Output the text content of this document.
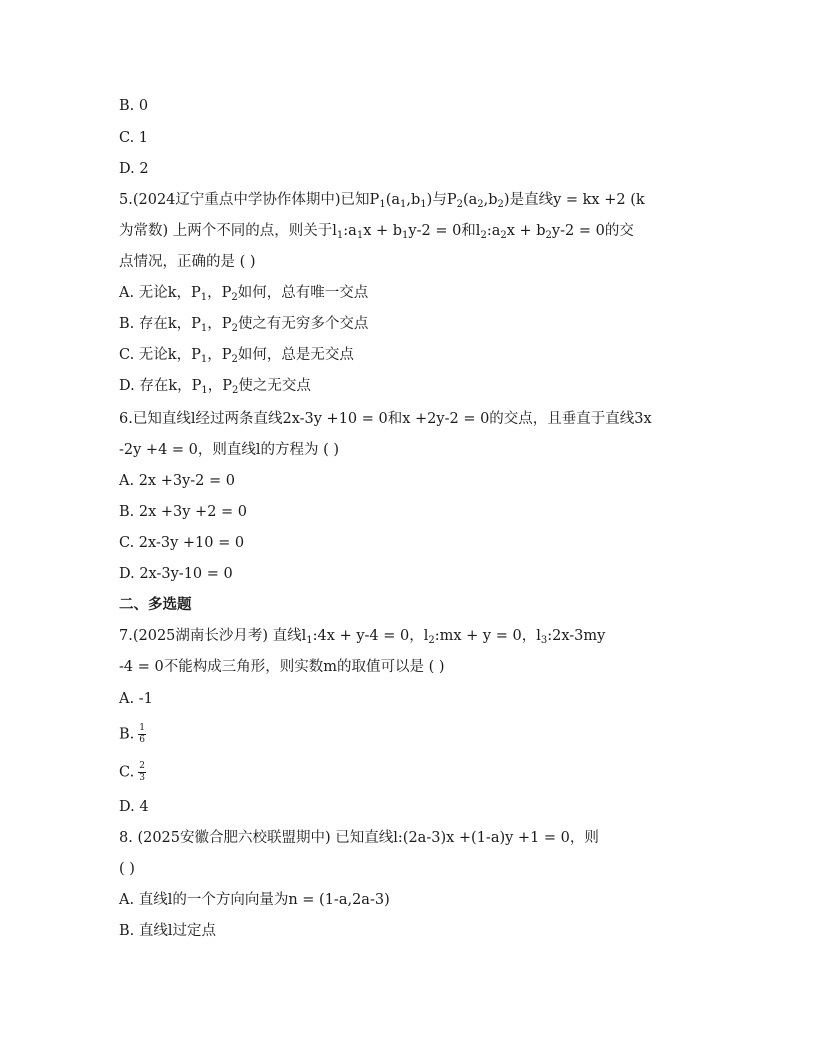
B. 0
C. 1
D. 2
5.(2024辽宁重点中学协作体期中)已知$P_1(a_1,b_1)$与$P_2(a_2,b_2)$是直线y = kx +2 (k
为常数) 上两个不同的点，则关于$l_1:a_1x + b_1y-2 = 0$和$l_2:a_2x + b_2y-2 = 0$的交
点情况，正确的是 ( )
A. 无论k，$P_1$，$P_2$如何，总有唯一交点
B. 存在k，$P_1$，$P_2$使之有无穷多个交点
C. 无论k，$P_1$，$P_2$如何，总是无交点
D. 存在k，$P_1$，$P_2$使之无交点
6.已知直线l经过两条直线2x-3y +10 = 0和x +2y-2 = 0的交点，且垂直于直线3x
-2y +4 = 0，则直线l的方程为 ( )
A. 2x +3y-2 = 0
B. 2x +3y +2 = 0
C. 2x-3y +10 = 0
D. 2x-3y-10 = 0
二、多选题
7.(2025湖南长沙月考) 直线$l_1:4x + y-4 = 0$，$l_2:mx + y = 0$，$l_3:2x-3my$
-4 = 0不能构成三角形，则实数m的取值可以是 ( )
A. -1
B. $\frac{1}{6}$
C. $\frac{2}{3}$
D. 4
8. (2025安徽合肥六校联盟期中) 已知直线l:(2a-3)x +(1-a)y +1 = 0，则
( )
A. 直线l的一个方向向量为n = (1-a,2a-3)
B. 直线l过定点
